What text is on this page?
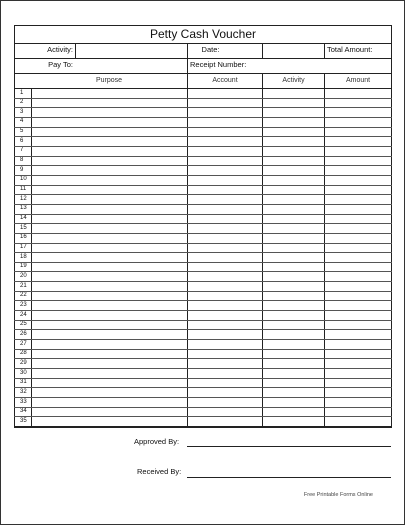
Petty Cash Voucher
Activity:	Date:	Total Amount:
Pay To:	Receipt Number:
Purpose	Account	Activity	Amount
1
2
3
4
5
6
7
8
9
10
11
12
13
14
15
16
17
18
19
20
21
22
23
24
25
26
27
28
29
30
31
32
33
34
35
Approved By:
Received By:
Free Printable Forms Online
